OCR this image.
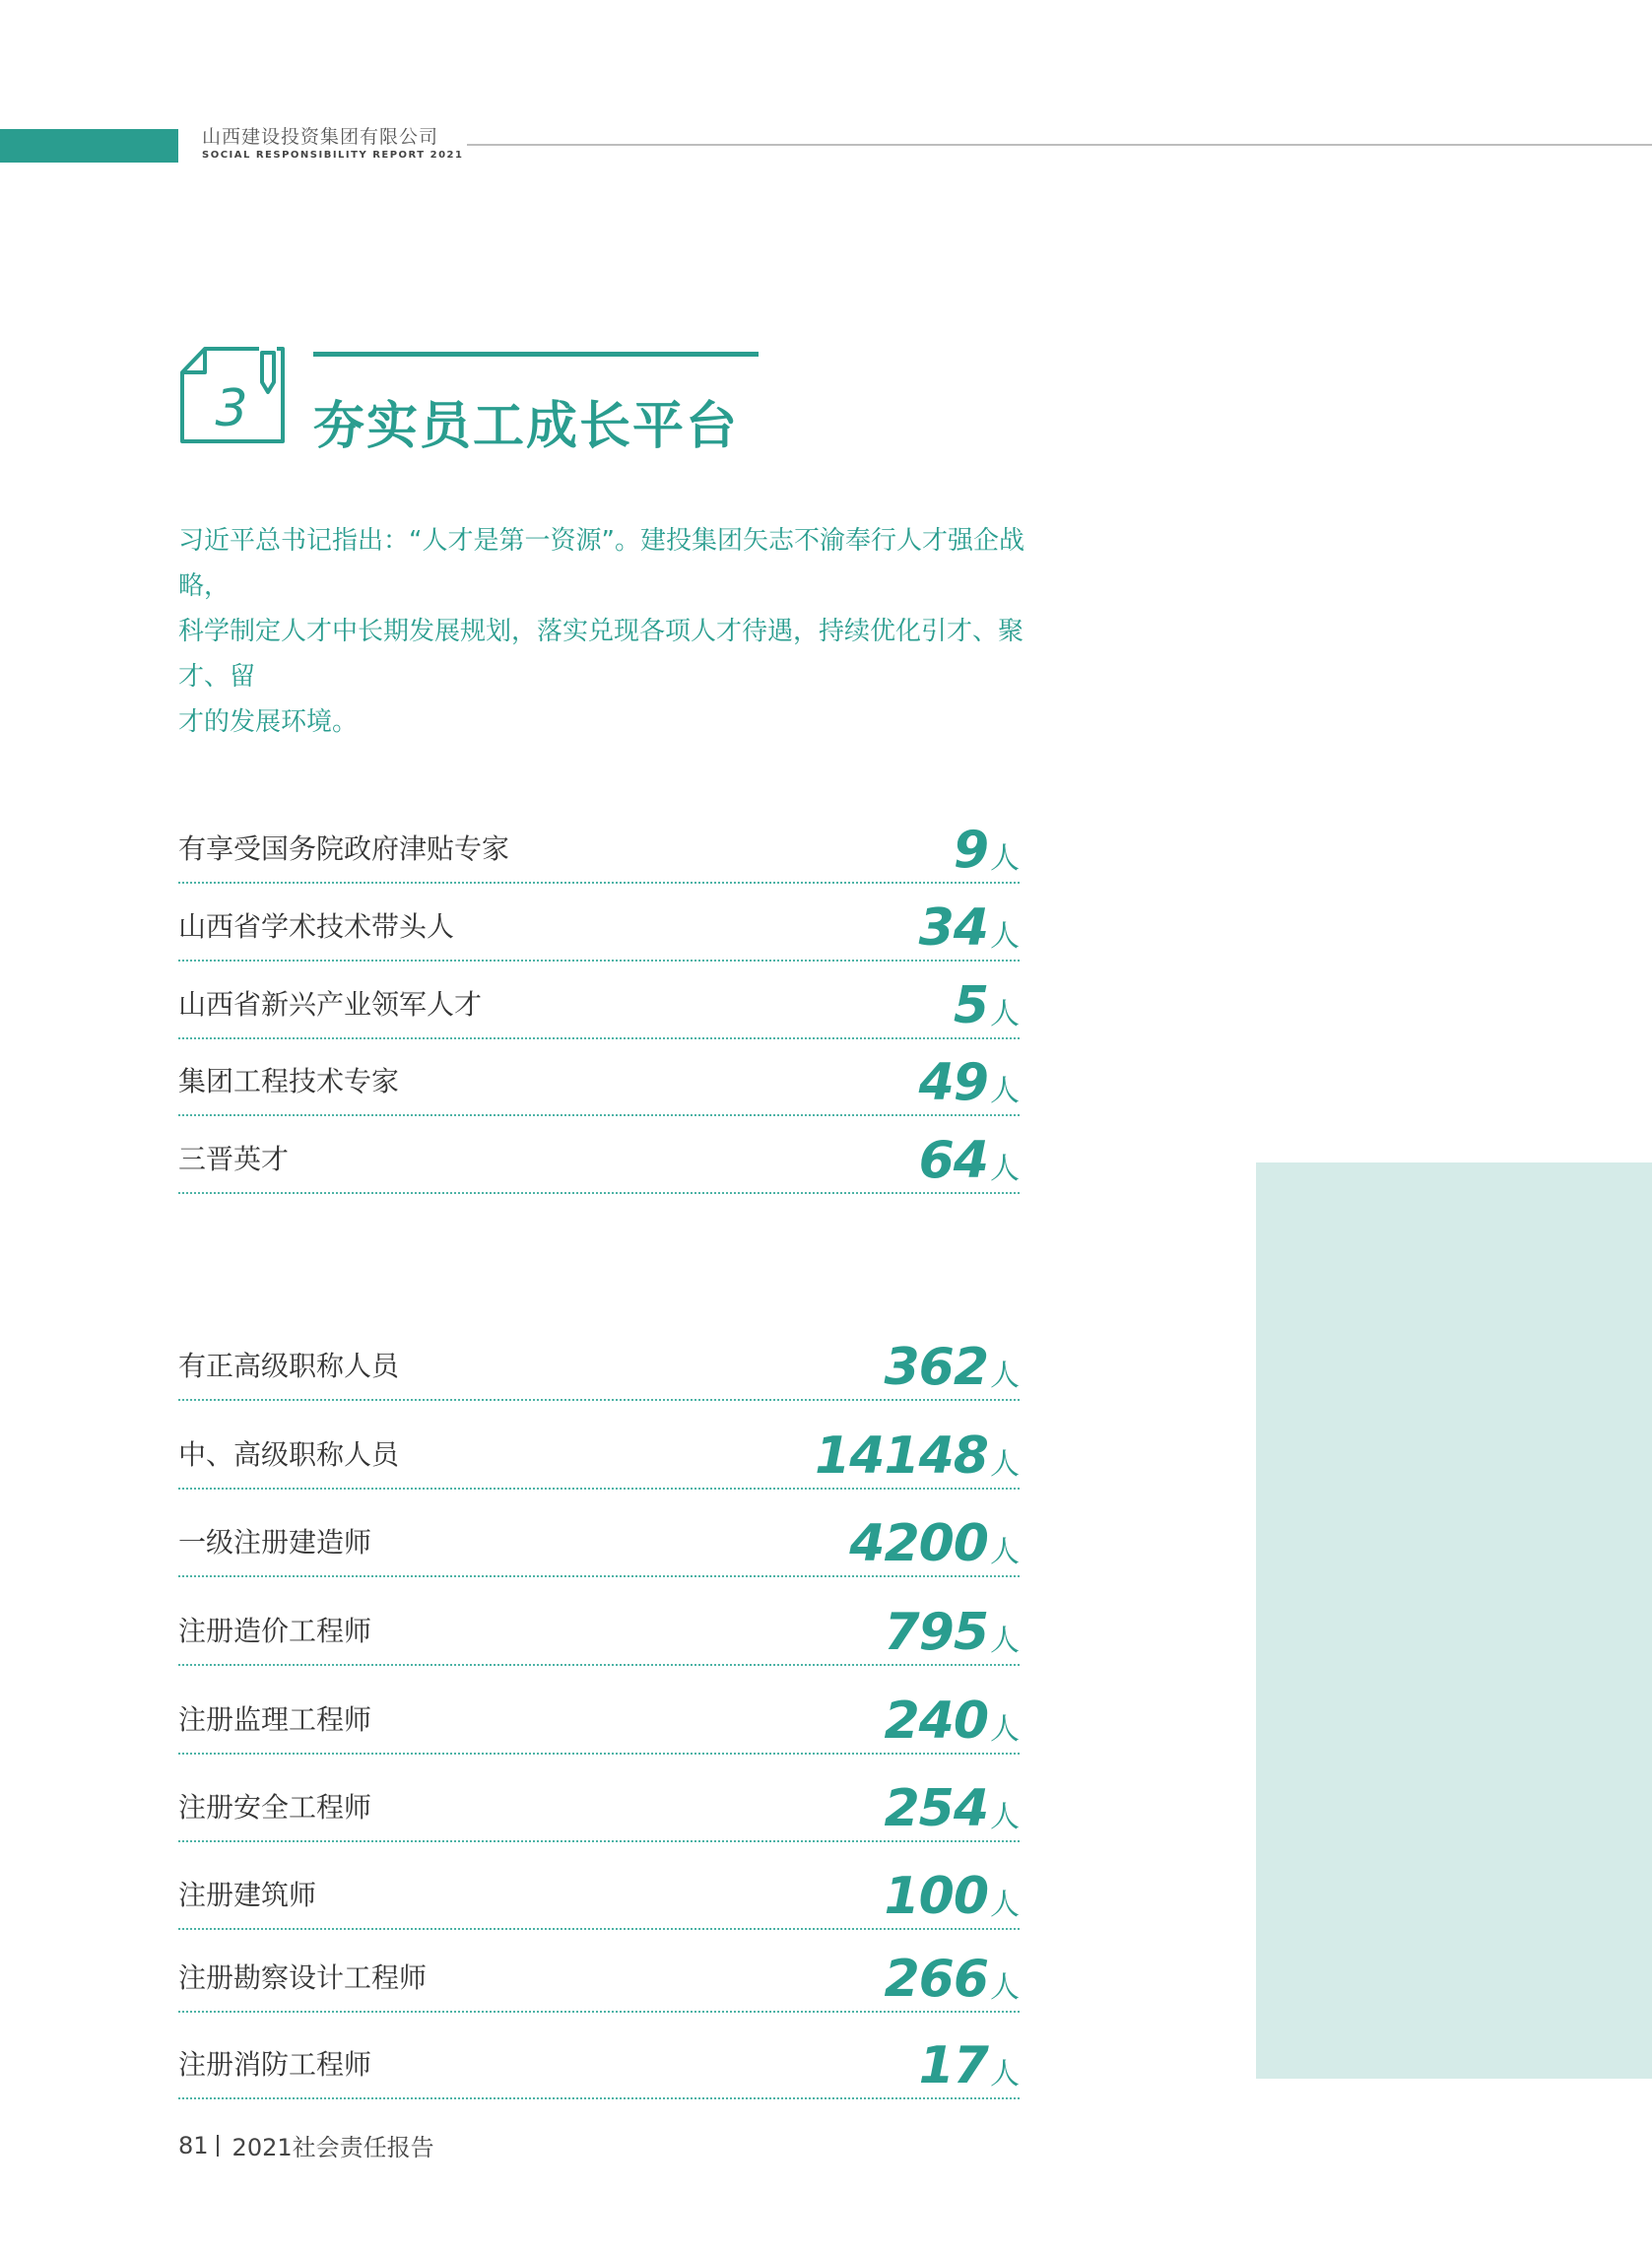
山西建设投资集团有限公司
SOCIAL RESPONSIBILITY REPORT 2021
3 夯实员工成长平台

习近平总书记指出：“人才是第一资源”。建投集团矢志不渝奉行人才强企战略，

科学制定人才中长期发展规划，落实兑现各项人才待遇，持续优化引才、聚才、留

才的发展环境。

有享受国务院政府津贴专家	9 人
山西省学术技术带头人	34 人
山西省新兴产业领军人才	5 人
集团工程技术专家	49 人
三晋英才	64 人
有正高级职称人员	362 人
中、高级职称人员	14148 人
一级注册建造师	4200 人
注册造价工程师	795 人
注册监理工程师	240 人
注册安全工程师	254 人
注册建筑师	100 人
注册勘察设计工程师	266 人
注册消防工程师	17 人
81 2021社会责任报告
